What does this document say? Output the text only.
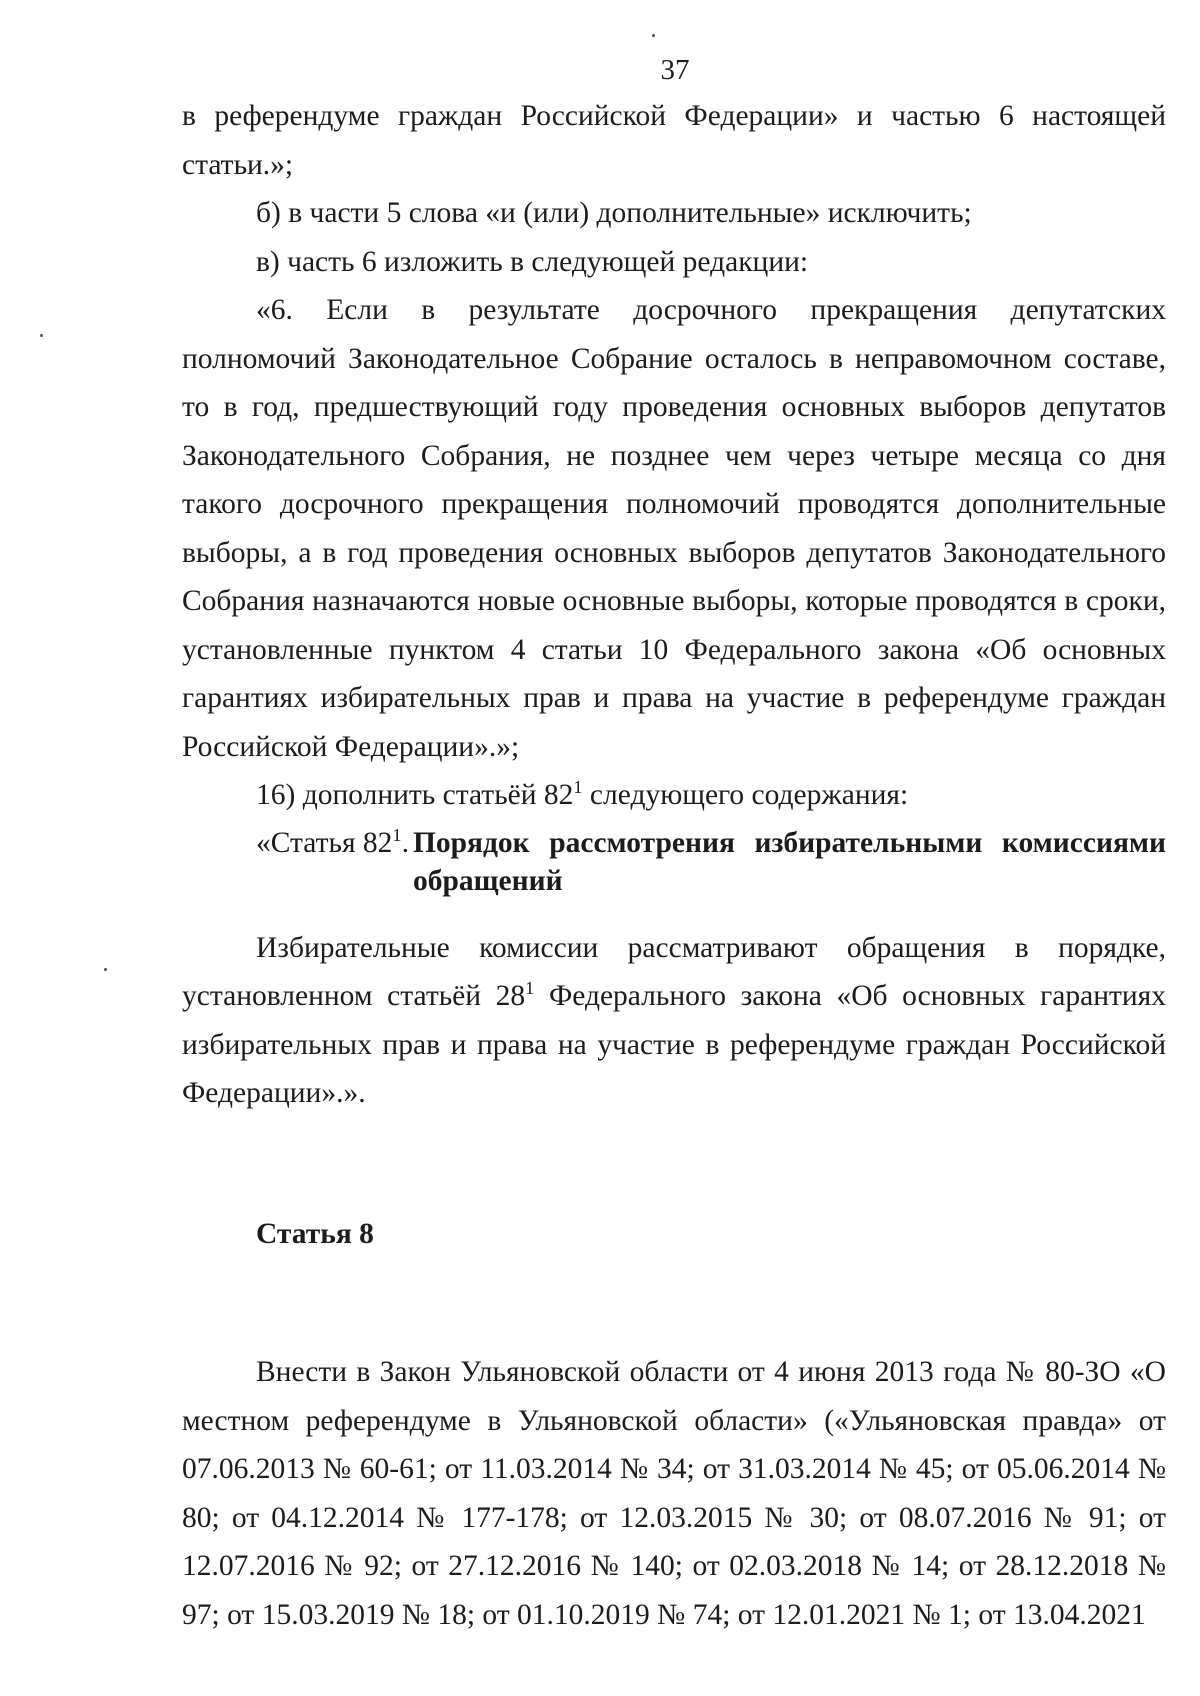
37

в референдуме граждан Российской Федерации» и частью 6 настоящей статьи.»;

б) в части 5 слова «и (или) дополнительные» исключить;

в) часть 6 изложить в следующей редакции:

«6. Если в результате досрочного прекращения депутатских полномочий Законодательное Собрание осталось в неправомочном составе, то в год, предшествующий году проведения основных выборов депутатов Законодательного Собрания, не позднее чем через четыре месяца со дня такого досрочного прекращения полномочий проводятся дополнительные выборы, а в год проведения основных выборов депутатов Законодательного Собрания назначаются новые основные выборы, которые проводятся в сроки, установленные пунктом 4 статьи 10 Федерального закона «Об основных гарантиях избирательных прав и права на участие в референдуме граждан Российской Федерации».»;

16) дополнить статьёй $82^1$ следующего содержания:

«Статья $82^1$. Порядок рассмотрения избирательными комиссиями обращений

Избирательные комиссии рассматривают обращения в порядке, установленном статьёй $28^1$ Федерального закона «Об основных гарантиях избирательных прав и права на участие в референдуме граждан Российской Федерации».».

Статья 8

Внести в Закон Ульяновской области от 4 июня 2013 года № 80-ЗО «О местном референдуме в Ульяновской области» («Ульяновская правда» от 07.06.2013 № 60-61; от 11.03.2014 № 34; от 31.03.2014 № 45; от 05.06.2014 № 80; от 04.12.2014 № 177-178; от 12.03.2015 № 30; от 08.07.2016 № 91; от 12.07.2016 № 92; от 27.12.2016 № 140; от 02.03.2018 № 14; от 28.12.2018 № 97; от 15.03.2019 № 18; от 01.10.2019 № 74; от 12.01.2021 № 1; от 13.04.2021
